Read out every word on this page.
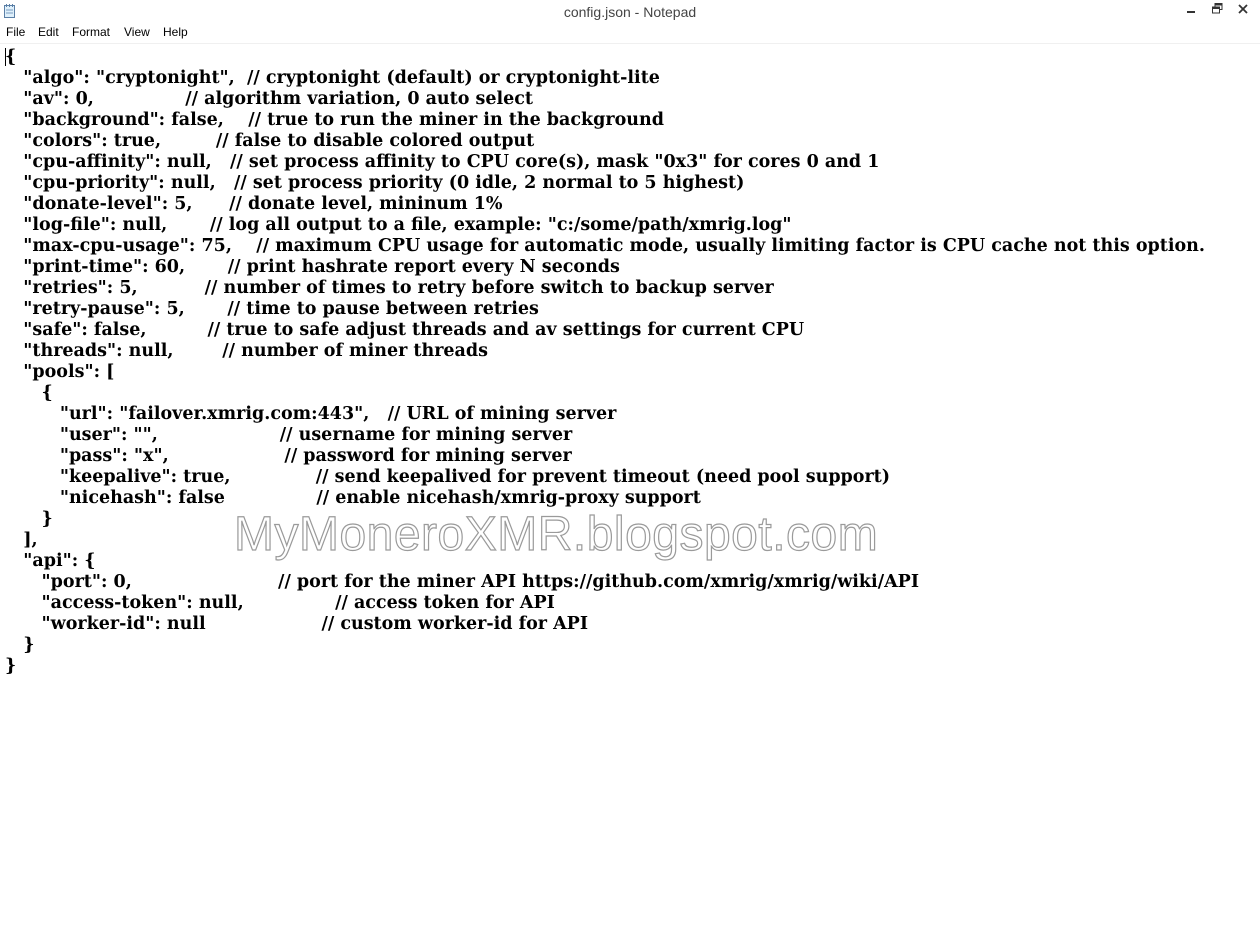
config.json - Notepad
File Edit Format View Help
{
"algo": "cryptonight",  // cryptonight (default) or cryptonight-lite
"av": 0,               // algorithm variation, 0 auto select
"background": false,    // true to run the miner in the background
"colors": true,         // false to disable colored output
"cpu-affinity": null,   // set process affinity to CPU core(s), mask "0x3" for cores 0 and 1
"cpu-priority": null,   // set process priority (0 idle, 2 normal to 5 highest)
"donate-level": 5,      // donate level, mininum 1%
"log-file": null,       // log all output to a file, example: "c:/some/path/xmrig.log"
"max-cpu-usage": 75,    // maximum CPU usage for automatic mode, usually limiting factor is CPU cache not this option.
"print-time": 60,       // print hashrate report every N seconds
"retries": 5,           // number of times to retry before switch to backup server
"retry-pause": 5,       // time to pause between retries
"safe": false,          // true to safe adjust threads and av settings for current CPU
"threads": null,        // number of miner threads
"pools": [
{
"url": "failover.xmrig.com:443",   // URL of mining server
"user": "",                    // username for mining server
"pass": "x",                   // password for mining server
"keepalive": true,              // send keepalived for prevent timeout (need pool support)
"nicehash": false               // enable nicehash/xmrig-proxy support
}
],
"api": {
"port": 0,                        // port for the miner API https://github.com/xmrig/xmrig/wiki/API
"access-token": null,               // access token for API
"worker-id": null                   // custom worker-id for API
}
}
MyMoneroXMR.blogspot.com
